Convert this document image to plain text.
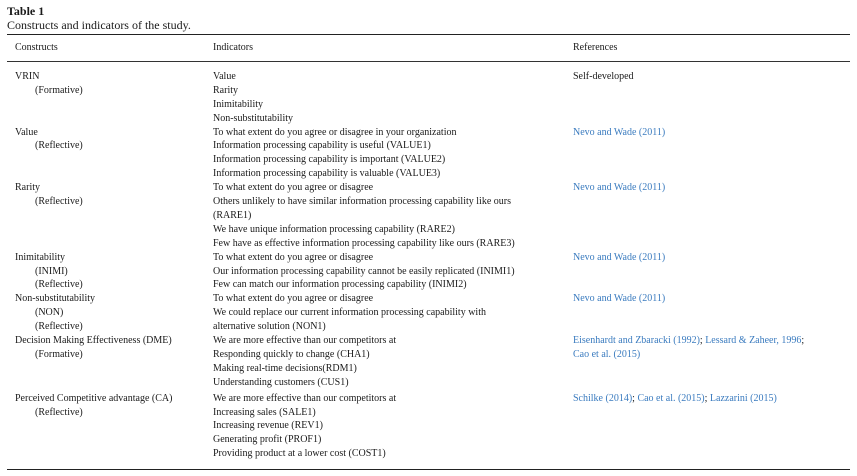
Table 1
Constructs and indicators of the study.
Constructs	Indicators	References
VRIN
(Formative)
Value
Rarity
Inimitability
Non-substitutability
Self-developed
Value
(Reflective)
To what extent do you agree or disagree in your organization
Information processing capability is useful (VALUE1)
Information processing capability is important (VALUE2)
Information processing capability is valuable (VALUE3)
Nevo and Wade (2011)
Rarity
(Reflective)
To what extent do you agree or disagree
Others unlikely to have similar information processing capability like ours
(RARE1)
We have unique information processing capability (RARE2)
Few have as effective information processing capability like ours (RARE3)
Nevo and Wade (2011)
Inimitability
(INIMI)
(Reflective)
To what extent do you agree or disagree
Our information processing capability cannot be easily replicated (INIMI1)
Few can match our information processing capability (INIMI2)
Nevo and Wade (2011)
Non-substitutability
(NON)
(Reflective)
To what extent do you agree or disagree
We could replace our current information processing capability with
alternative solution (NON1)
Nevo and Wade (2011)
Decision Making Effectiveness (DME)
(Formative)
We are more effective than our competitors at
Responding quickly to change (CHA1)
Making real-time decisions(RDM1)
Understanding customers (CUS1)
Eisenhardt and Zbaracki (1992); Lessard & Zaheer, 1996;
Cao et al. (2015)
Perceived Competitive advantage (CA)
(Reflective)
We are more effective than our competitors at
Increasing sales (SALE1)
Increasing revenue (REV1)
Generating profit (PROF1)
Providing product at a lower cost (COST1)
Schilke (2014); Cao et al. (2015); Lazzarini (2015)
